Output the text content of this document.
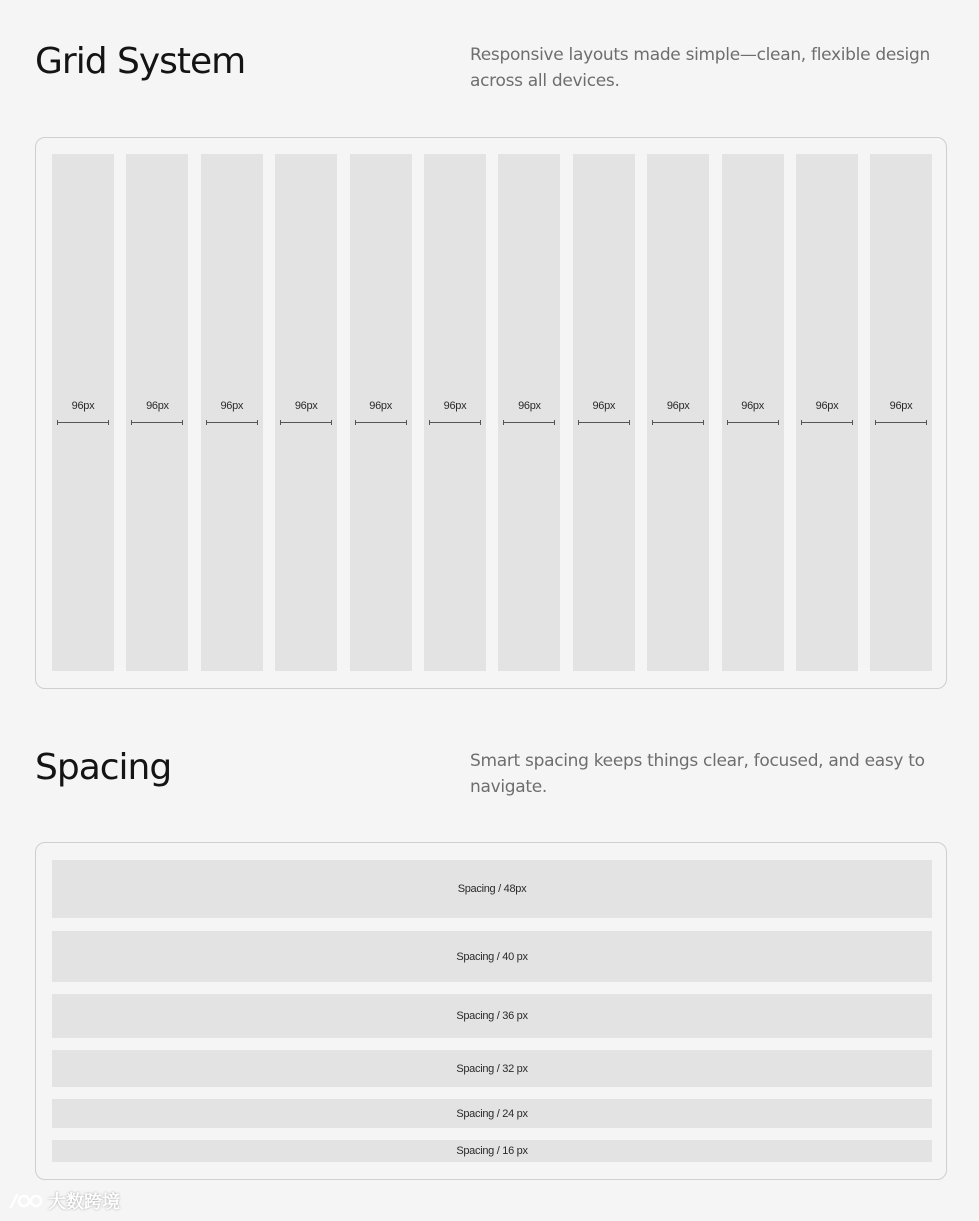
Grid System	Responsive layouts made simple—clean, flexible design across all devices.

96px	96px	96px	96px	96px	96px	96px	96px	96px	96px	96px	96px
Spacing	Smart spacing keeps things clear, focused, and easy to navigate.

Spacing / 48px
Spacing / 40 px
Spacing / 36 px
Spacing / 32 px
Spacing / 24 px
Spacing / 16 px
大数跨境
